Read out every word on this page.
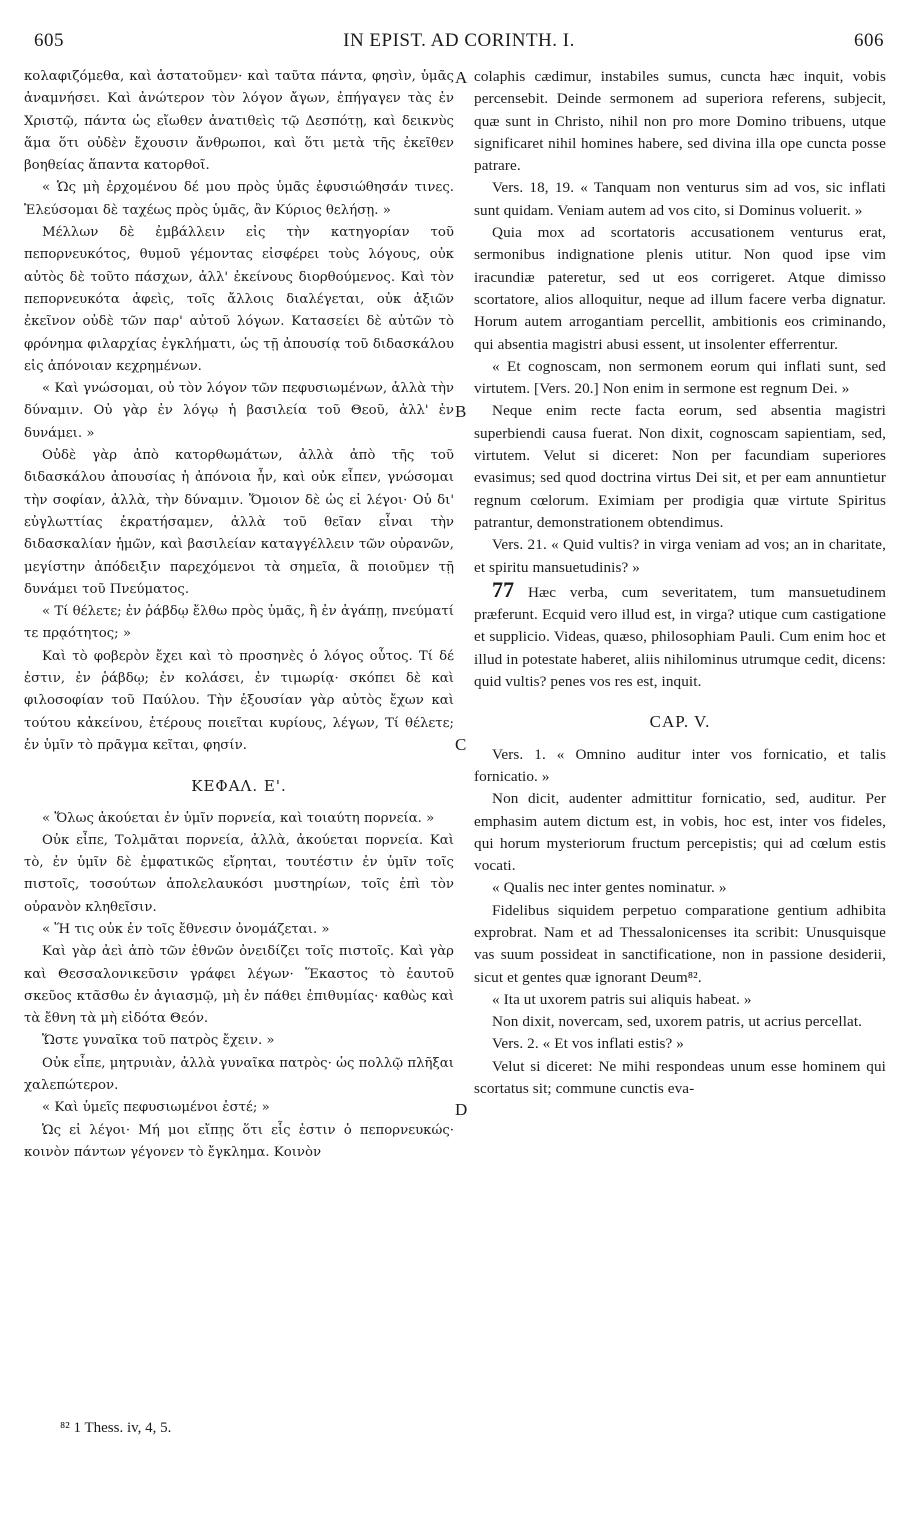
605	IN EPIST. AD CORINTH. I.	606
A
B
C
D

κολαφιζόμεθα, καὶ ἀστατοῦμεν· καὶ ταῦτα πάντα, φησὶν, ὑμᾶς ἀναμνήσει. Καὶ ἀνώτερον τὸν λόγον ἄγων, ἐπήγαγεν τὰς ἐν Χριστῷ, πάντα ὡς εἴωθεν ἀνατιθεὶς τῷ Δεσπότῃ, καὶ δεικνὺς ἅμα ὅτι οὐδὲν ἔχουσιν ἄνθρωποι, καὶ ὅτι μετὰ τῆς ἐκεῖθεν βοηθείας ἅπαντα κατορθοῖ.

« Ὡς μὴ ἐρχομένου δέ μου πρὸς ὑμᾶς ἐφυσιώθησάν τινες. Ἐλεύσομαι δὲ ταχέως πρὸς ὑμᾶς, ἂν Κύριος θελήσῃ. »

Μέλλων δὲ ἐμβάλλειν εἰς τὴν κατηγορίαν τοῦ πεπορνευκότος, θυμοῦ γέμοντας εἰσφέρει τοὺς λόγους, οὐκ αὐτὸς δὲ τοῦτο πάσχων, ἀλλ' ἐκείνους διορθούμενος. Καὶ τὸν πεπορνευκότα ἀφεὶς, τοῖς ἄλλοις διαλέγεται, οὐκ ἀξιῶν ἐκεῖνον οὐδὲ τῶν παρ' αὐτοῦ λόγων. Κατασείει δὲ αὐτῶν τὸ φρόνημα φιλαρχίας ἐγκλήματι, ὡς τῇ ἀπουσίᾳ τοῦ διδασκάλου εἰς ἀπόνοιαν κεχρημένων.

« Καὶ γνώσομαι, οὐ τὸν λόγον τῶν πεφυσιωμένων, ἀλλὰ τὴν δύναμιν. Οὐ γὰρ ἐν λόγῳ ἡ βασιλεία τοῦ Θεοῦ, ἀλλ' ἐν δυνάμει. »

Οὐδὲ γὰρ ἀπὸ κατορθωμάτων, ἀλλὰ ἀπὸ τῆς τοῦ διδασκάλου ἀπουσίας ἡ ἀπόνοια ἦν, καὶ οὐκ εἶπεν, γνώσομαι τὴν σοφίαν, ἀλλὰ, τὴν δύναμιν. Ὅμοιον δὲ ὡς εἰ λέγοι· Οὐ δι' εὐγλωττίας ἐκρατήσαμεν, ἀλλὰ τοῦ θεῖαν εἶναι τὴν διδασκαλίαν ἡμῶν, καὶ βασιλείαν καταγγέλλειν τῶν οὐρανῶν, μεγίστην ἀπόδειξιν παρεχόμενοι τὰ σημεῖα, ἃ ποιοῦμεν τῇ δυνάμει τοῦ Πνεύματος.

« Τί θέλετε; ἐν ῥάβδῳ ἔλθω πρὸς ὑμᾶς, ἢ ἐν ἀγάπῃ, πνεύματί τε πρᾳότητος; »

Καὶ τὸ φοβερὸν ἔχει καὶ τὸ προσηνὲς ὁ λόγος οὗτος. Τί δέ ἐστιν, ἐν ῥάβδῳ; ἐν κολάσει, ἐν τιμωρίᾳ· σκόπει δὲ καὶ φιλοσοφίαν τοῦ Παύλου. Τὴν ἐξουσίαν γὰρ αὐτὸς ἔχων καὶ τούτου κἀκείνου, ἑτέρους ποιεῖται κυρίους, λέγων, Τί θέλετε; ἐν ὑμῖν τὸ πρᾶγμα κεῖται, φησίν.

ΚΕΦΑΛ. Ε'.

« Ὅλως ἀκούεται ἐν ὑμῖν πορνεία, καὶ τοιαύτη πορνεία. »

Οὐκ εἶπε, Τολμᾶται πορνεία, ἀλλὰ, ἀκούεται πορνεία. Καὶ τὸ, ἐν ὑμῖν δὲ ἐμφατικῶς εἴρηται, τουτέστιν ἐν ὑμῖν τοῖς πιστοῖς, τοσούτων ἀπολελαυκόσι μυστηρίων, τοῖς ἐπὶ τὸν οὐρανὸν κληθεῖσιν.

« Ἥ τις οὐκ ἐν τοῖς ἔθνεσιν ὀνομάζεται. »

Καὶ γὰρ ἀεὶ ἀπὸ τῶν ἐθνῶν ὀνειδίζει τοῖς πιστοῖς. Καὶ γὰρ καὶ Θεσσαλονικεῦσιν γράφει λέγων· Ἕκαστος τὸ ἑαυτοῦ σκεῦος κτᾶσθω ἐν ἁγιασμῷ, μὴ ἐν πάθει ἐπιθυμίας· καθὼς καὶ τὰ ἔθνη τὰ μὴ εἰδότα Θεόν.

Ὥστε γυναῖκα τοῦ πατρὸς ἔχειν. »

Οὐκ εἶπε, μητρυιὰν, ἀλλὰ γυναῖκα πατρὸς· ὡς πολλῷ πλῆξαι χαλεπώτερον.

« Καὶ ὑμεῖς πεφυσιωμένοι ἐστέ; »

Ὡς εἰ λέγοι· Μή μοι εἴπῃς ὅτι εἷς ἐστιν ὁ πεπορνευκώς· κοινὸν πάντων γέγονεν τὸ ἔγκλημα. Κοινὸν

colaphis cædimur, instabiles sumus, cuncta hæc inquit, vobis percensebit. Deinde sermonem ad superiora referens, subjecit, quæ sunt in Christo, nihil non pro more Domino tribuens, utque significaret nihil homines habere, sed divina illa ope cuncta posse patrare.

Vers. 18, 19. « Tanquam non venturus sim ad vos, sic inflati sunt quidam. Veniam autem ad vos cito, si Dominus voluerit. »

Quia mox ad scortatoris accusationem venturus erat, sermonibus indignatione plenis utitur. Non quod ipse vim iracundiæ pateretur, sed ut eos corrigeret. Atque dimisso scortatore, alios alloquitur, neque ad illum facere verba dignatur. Horum autem arrogantiam percellit, ambitionis eos criminando, qui absentia magistri abusi essent, ut insolenter efferrentur.

« Et cognoscam, non sermonem eorum qui inflati sunt, sed virtutem. [Vers. 20.] Non enim in sermone est regnum Dei. »

Neque enim recte facta eorum, sed absentia magistri superbiendi causa fuerat. Non dixit, cognoscam sapientiam, sed, virtutem. Velut si diceret: Non per facundiam superiores evasimus; sed quod doctrina virtus Dei sit, et per eam annuntietur regnum cœlorum. Eximiam per prodigia quæ virtute Spiritus patrantur, demonstrationem obtendimus.

Vers. 21. « Quid vultis? in virga veniam ad vos; an in charitate, et spiritu mansuetudinis? »

77 Hæc verba, cum severitatem, tum mansuetudinem præferunt. Ecquid vero illud est, in virga? utique cum castigatione et supplicio. Videas, quæso, philosophiam Pauli. Cum enim hoc et illud in potestate haberet, aliis nihilominus utrumque cedit, dicens: quid vultis? penes vos res est, inquit.

CAP. V.

Vers. 1. « Omnino auditur inter vos fornicatio, et talis fornicatio. »

Non dicit, audenter admittitur fornicatio, sed, auditur. Per emphasim autem dictum est, in vobis, hoc est, inter vos fideles, qui horum mysteriorum fructum percepistis; qui ad cœlum estis vocati.

« Qualis nec inter gentes nominatur. »

Fidelibus siquidem perpetuo comparatione gentium adhibita exprobrat. Nam et ad Thessalonicenses ita scribit: Unusquisque vas suum possideat in sanctificatione, non in passione desiderii, sicut et gentes quæ ignorant Deum⁸².

« Ita ut uxorem patris sui aliquis habeat. »

Non dixit, novercam, sed, uxorem patris, ut acrius percellat.

Vers. 2. « Et vos inflati estis? »

Velut si diceret: Ne mihi respondeas unum esse hominem qui scortatus sit; commune cunctis eva-

⁸² 1 Thess. iv, 4, 5.
